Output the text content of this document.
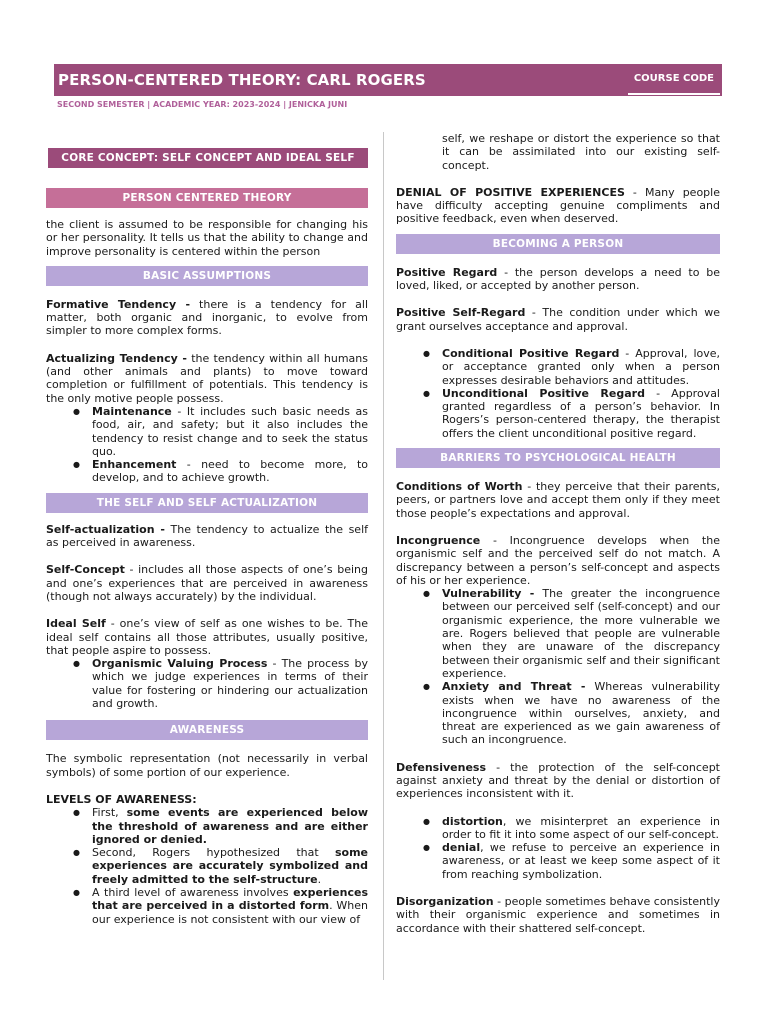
PERSON-CENTERED THEORY: CARL ROGERS	COURSE CODE
SECOND SEMESTER | ACADEMIC YEAR: 2023-2024 | JENICKA JUNI
CORE CONCEPT: SELF CONCEPT AND IDEAL SELF
PERSON CENTERED THEORY

the client is assumed to be responsible for changing his or her personality. It tells us that the ability to change and improve personality is centered within the person

BASIC ASSUMPTIONS

Formative Tendency - there is a tendency for all matter, both organic and inorganic, to evolve from simpler to more complex forms.

Actualizing Tendency - the tendency within all humans (and other animals and plants) to move toward completion or fulfillment of potentials. This tendency is the only motive people possess.

● Maintenance - It includes such basic needs as food, air, and safety; but it also includes the tendency to resist change and to seek the status quo.
● Enhancement - need to become more, to develop, and to achieve growth.
THE SELF AND SELF ACTUALIZATION

Self-actualization - The tendency to actualize the self as perceived in awareness.

Self-Concept - includes all those aspects of one’s being and one’s experiences that are perceived in awareness (though not always accurately) by the individual.

Ideal Self - one’s view of self as one wishes to be. The ideal self contains all those attributes, usually positive, that people aspire to possess.

● Organismic Valuing Process - The process by which we judge experiences in terms of their value for fostering or hindering our actualization and growth.
AWARENESS

The symbolic representation (not necessarily in verbal symbols) of some portion of our experience.

LEVELS OF AWARENESS:

● First, some events are experienced below the threshold of awareness and are either ignored or denied.
● Second, Rogers hypothesized that some experiences are accurately symbolized and freely admitted to the self-structure.
● A third level of awareness involves experiences that are perceived in a distorted form. When our experience is not consistent with our view of

self, we reshape or distort the experience so that it can be assimilated into our existing self-concept.

DENIAL OF POSITIVE EXPERIENCES - Many people have difficulty accepting genuine compliments and positive feedback, even when deserved.

BECOMING A PERSON

Positive Regard - the person develops a need to be loved, liked, or accepted by another person.

Positive Self-Regard - The condition under which we grant ourselves acceptance and approval.

● Conditional Positive Regard - Approval, love, or acceptance granted only when a person expresses desirable behaviors and attitudes.
● Unconditional Positive Regard - Approval granted regardless of a person’s behavior. In Rogers’s person-centered therapy, the therapist offers the client unconditional positive regard.
BARRIERS TO PSYCHOLOGICAL HEALTH

Conditions of Worth - they perceive that their parents, peers, or partners love and accept them only if they meet those people’s expectations and approval.

Incongruence - Incongruence develops when the organismic self and the perceived self do not match. A discrepancy between a person’s self-concept and aspects of his or her experience.

● Vulnerability - The greater the incongruence between our perceived self (self-concept) and our organismic experience, the more vulnerable we are. Rogers believed that people are vulnerable when they are unaware of the discrepancy between their organismic self and their significant experience.
● Anxiety and Threat - Whereas vulnerability exists when we have no awareness of the incongruence within ourselves, anxiety, and threat are experienced as we gain awareness of such an incongruence.

Defensiveness - the protection of the self-concept against anxiety and threat by the denial or distortion of experiences inconsistent with it.

● distortion, we misinterpret an experience in order to fit it into some aspect of our self-concept.
● denial, we refuse to perceive an experience in awareness, or at least we keep some aspect of it from reaching symbolization.

Disorganization - people sometimes behave consistently with their organismic experience and sometimes in accordance with their shattered self-concept.
